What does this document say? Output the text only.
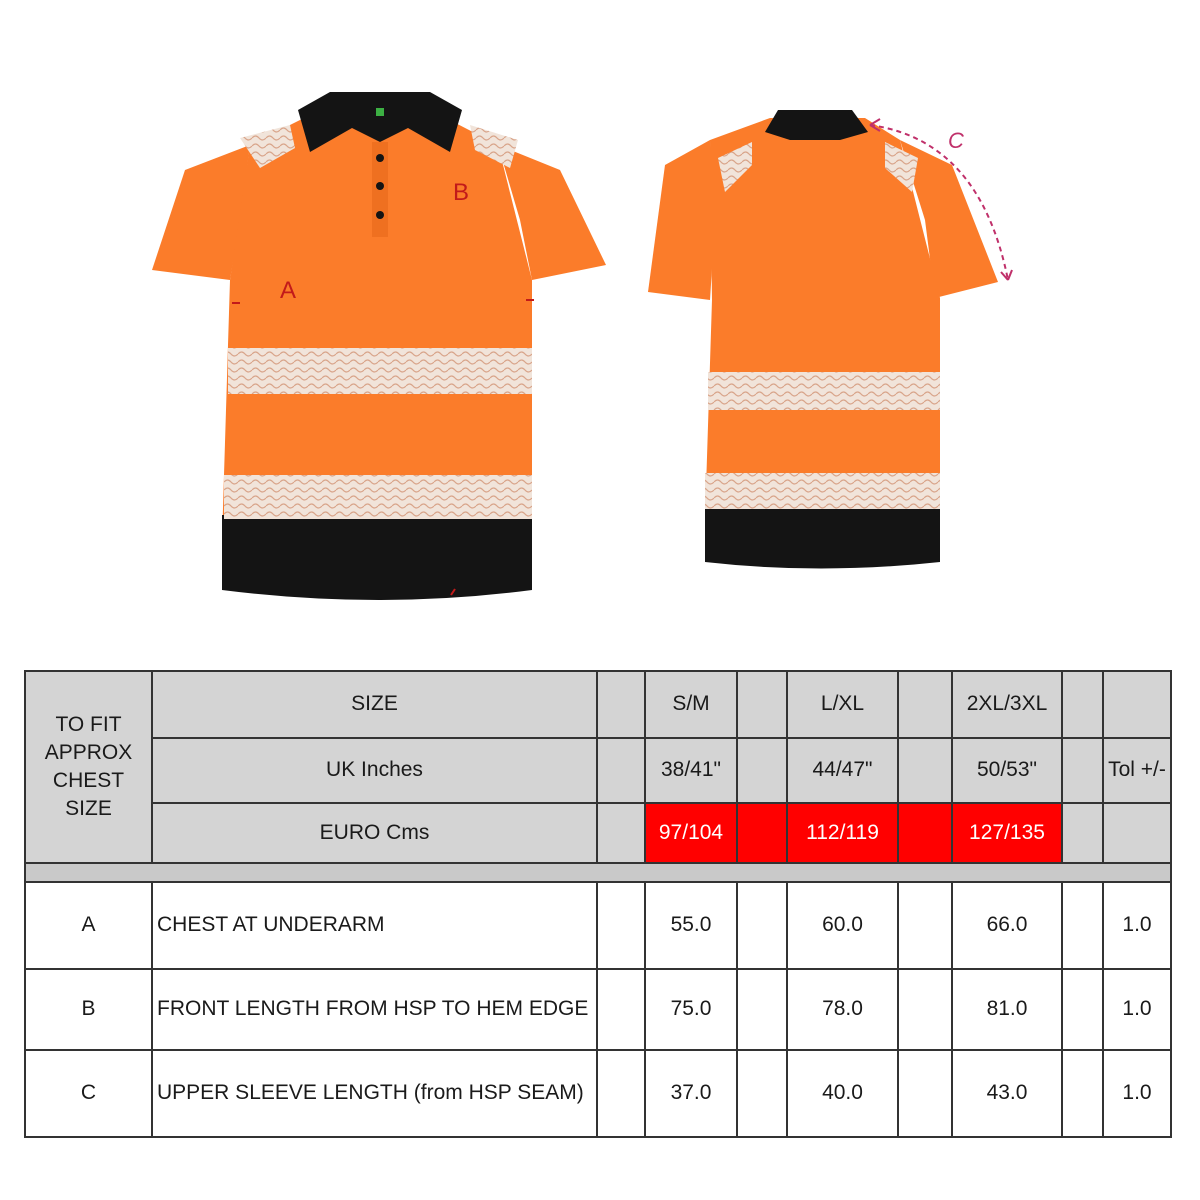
A
B
C
TO FIT APPROX CHEST SIZE	SIZE		S/M		L/XL		2XL/3XL		
	UK Inches		38/41"		44/47"		50/53"		Tol +/-
	EURO Cms		97/104		112/119		127/135		

A	CHEST AT UNDERARM		55.0		60.0		66.0		1.0
B	FRONT LENGTH FROM HSP TO HEM EDGE		75.0		78.0		81.0		1.0
C	UPPER SLEEVE LENGTH (from HSP SEAM)		37.0		40.0		43.0		1.0
